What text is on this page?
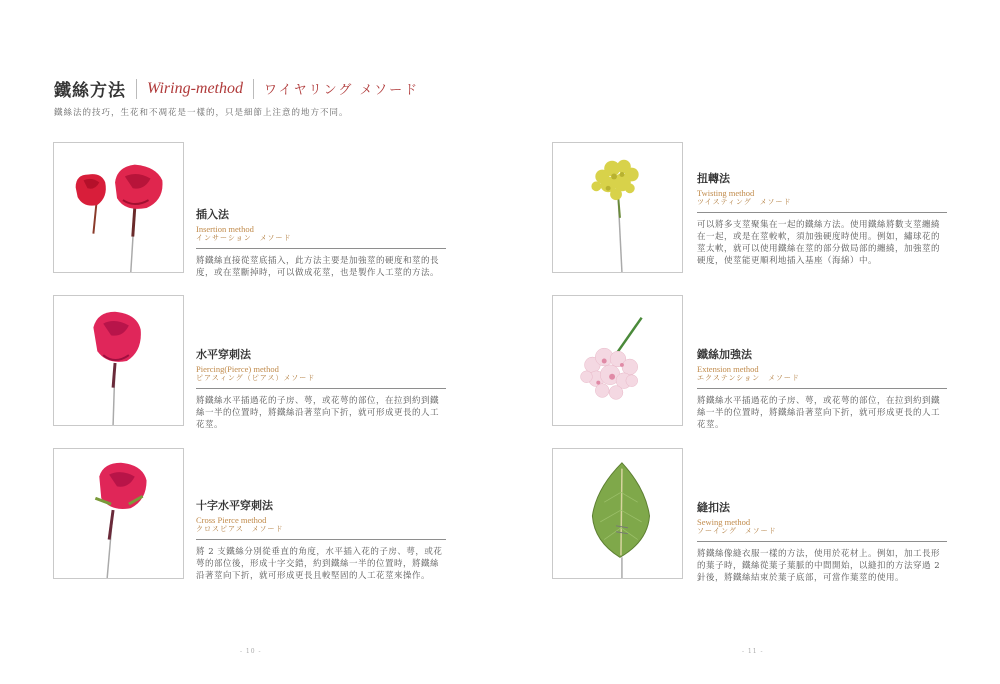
鐵絲方法 Wiring-method ワイヤリング メソード
鐵絲法的技巧，生花和不凋花是一樣的，只是細節上注意的地方不同。
插入法
Insertion method
インサーション　メソード
將鐵絲直接從莖底插入，此方法主要是加強莖的硬度和莖的長度，或在莖斷掉時，可以做成花莖，也是製作人工莖的方法。
水平穿刺法
Piercing(Pierce) method
ピアスィング（ピアス）メソード
將鐵絲水平插過花的子房、萼，或花萼的部位，在拉到約到鐵絲一半的位置時，將鐵絲沿著莖向下折，就可形成更長的人工花莖。
十字水平穿刺法
Cross Pierce method
クロスピアス　メソード
將 2 支鐵絲分別從垂直的角度，水平插入花的子房、萼，或花萼的部位後，形成十字交錯，約到鐵絲一半的位置時，將鐵絲沿著莖向下折，就可形成更長且較堅固的人工花莖來操作。
扭轉法
Twisting method
ツイスティング　メソード
可以將多支莖聚集在一起的鐵絲方法。使用鐵絲將數支莖纏繞在一起，或是在莖較軟，須加強硬度時使用。例如，繡球花的莖太軟，就可以使用鐵絲在莖的部分做局部的纏繞，加強莖的硬度，使莖能更順利地插入基座（海綿）中。
鐵絲加強法
Extension method
エクステンション　メソード
將鐵絲水平插過花的子房、萼，或花萼的部位，在拉到約到鐵絲一半的位置時，將鐵絲沿著莖向下折，就可形成更長的人工花莖。
縫扣法
Sewing method
ソーイング　メソード
將鐵絲像縫衣服一樣的方法，使用於花材上。例如，加工長形的葉子時，鐵絲從葉子葉脈的中間開始，以縫扣的方法穿過 2 針後，將鐵絲結束於葉子底部，可當作葉莖的使用。
- 10 -	- 11 -
